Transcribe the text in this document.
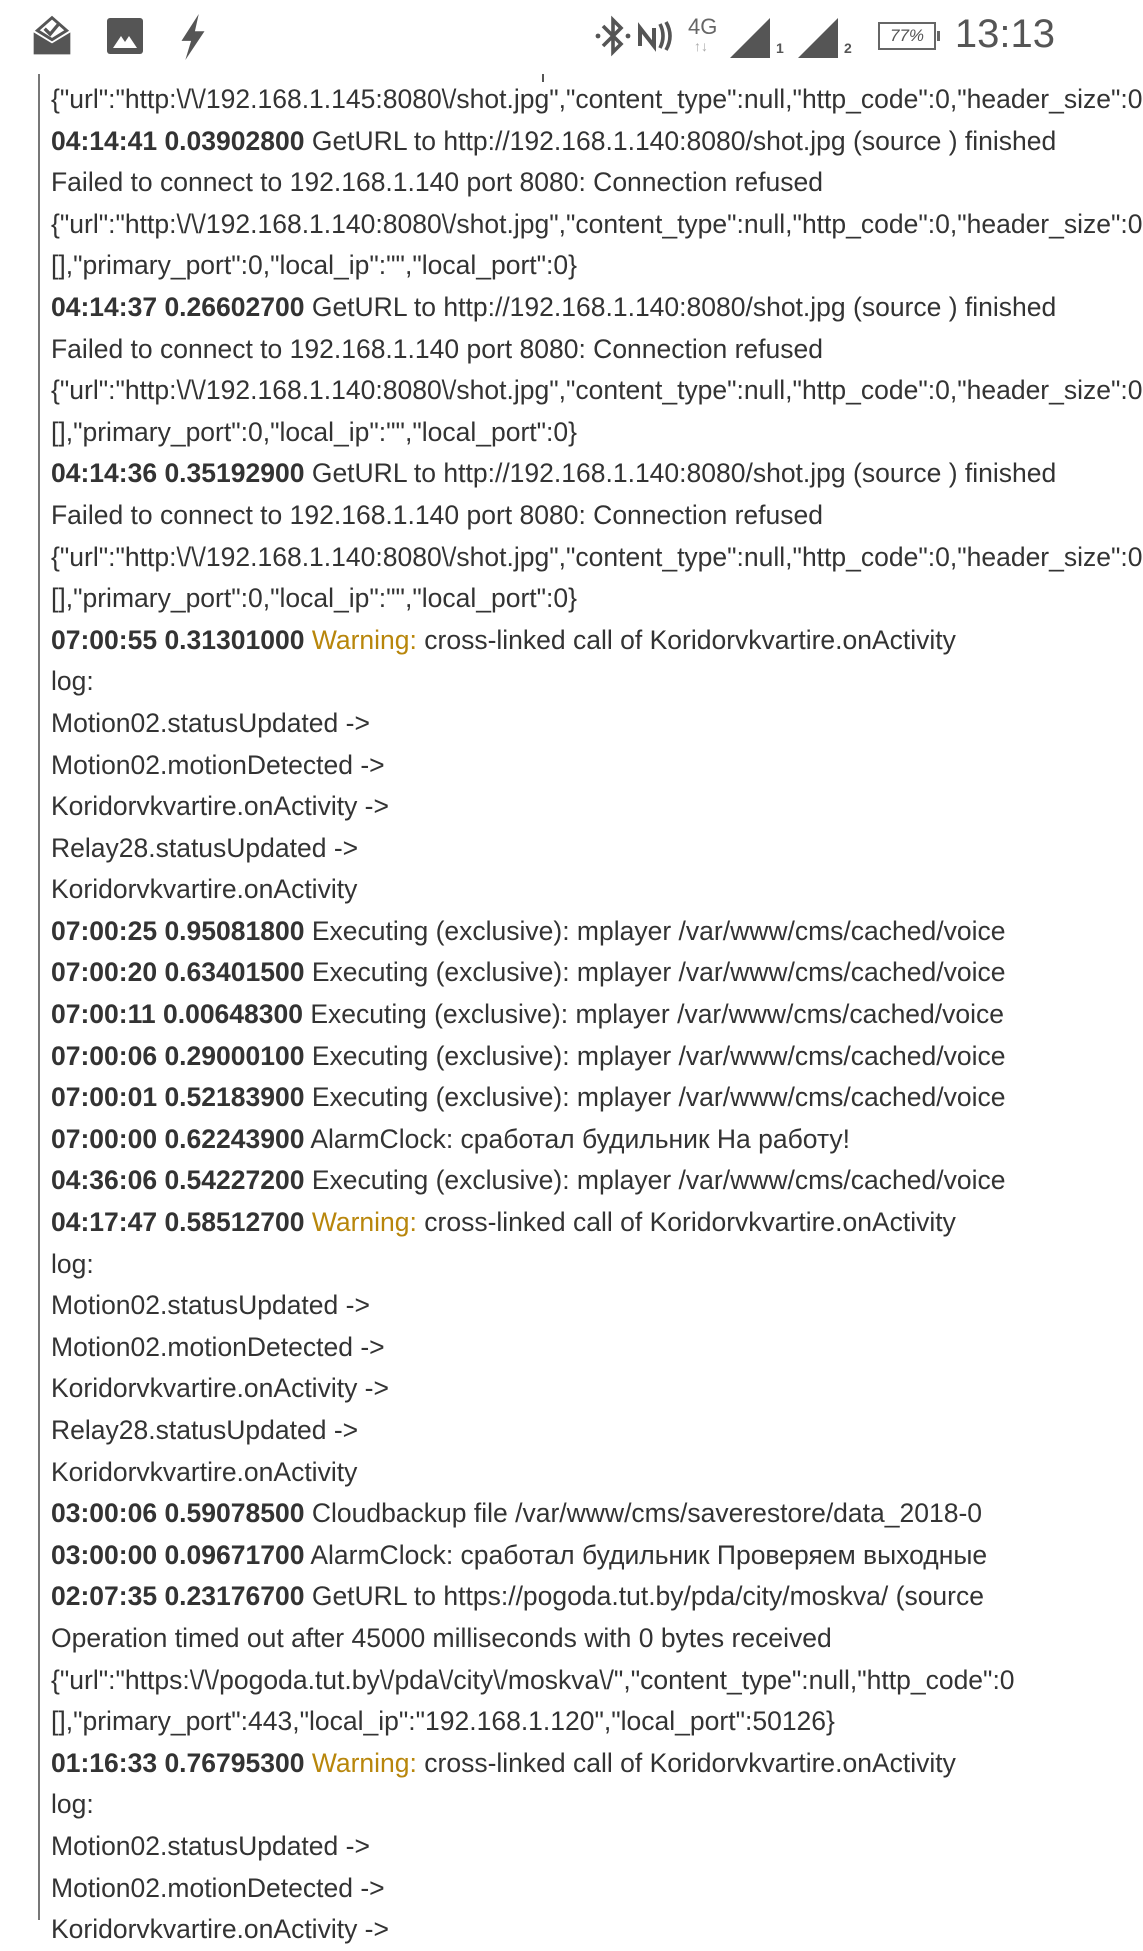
4G
↑↓	1	2
77% 13:13
{"url":"http:\/\/192.168.1.145:8080\/shot.jpg","content_type":null,"http_code":0,"header_size":0
04:14:41 0.03902800 GetURL to http://192.168.1.140:8080/shot.jpg (source ) finished
Failed to connect to 192.168.1.140 port 8080: Connection refused
{"url":"http:\/\/192.168.1.140:8080\/shot.jpg","content_type":null,"http_code":0,"header_size":0
[],"primary_port":0,"local_ip":"","local_port":0}
04:14:37 0.26602700 GetURL to http://192.168.1.140:8080/shot.jpg (source ) finished
Failed to connect to 192.168.1.140 port 8080: Connection refused
{"url":"http:\/\/192.168.1.140:8080\/shot.jpg","content_type":null,"http_code":0,"header_size":0
[],"primary_port":0,"local_ip":"","local_port":0}
04:14:36 0.35192900 GetURL to http://192.168.1.140:8080/shot.jpg (source ) finished
Failed to connect to 192.168.1.140 port 8080: Connection refused
{"url":"http:\/\/192.168.1.140:8080\/shot.jpg","content_type":null,"http_code":0,"header_size":0
[],"primary_port":0,"local_ip":"","local_port":0}
07:00:55 0.31301000 Warning: cross-linked call of Koridorvkvartire.onActivity
log:
Motion02.statusUpdated ->
Motion02.motionDetected ->
Koridorvkvartire.onActivity ->
Relay28.statusUpdated ->
Koridorvkvartire.onActivity
07:00:25 0.95081800 Executing (exclusive): mplayer /var/www/cms/cached/voice
07:00:20 0.63401500 Executing (exclusive): mplayer /var/www/cms/cached/voice
07:00:11 0.00648300 Executing (exclusive): mplayer /var/www/cms/cached/voice
07:00:06 0.29000100 Executing (exclusive): mplayer /var/www/cms/cached/voice
07:00:01 0.52183900 Executing (exclusive): mplayer /var/www/cms/cached/voice
07:00:00 0.62243900 AlarmClock: сработал будильник На работу!
04:36:06 0.54227200 Executing (exclusive): mplayer /var/www/cms/cached/voice
04:17:47 0.58512700 Warning: cross-linked call of Koridorvkvartire.onActivity
log:
Motion02.statusUpdated ->
Motion02.motionDetected ->
Koridorvkvartire.onActivity ->
Relay28.statusUpdated ->
Koridorvkvartire.onActivity
03:00:06 0.59078500 Cloudbackup file /var/www/cms/saverestore/data_2018-0
03:00:00 0.09671700 AlarmClock: сработал будильник Проверяем выходные
02:07:35 0.23176700 GetURL to https://pogoda.tut.by/pda/city/moskva/ (source
Operation timed out after 45000 milliseconds with 0 bytes received
{"url":"https:\/\/pogoda.tut.by\/pda\/city\/moskva\/","content_type":null,"http_code":0
[],"primary_port":443,"local_ip":"192.168.1.120","local_port":50126}
01:16:33 0.76795300 Warning: cross-linked call of Koridorvkvartire.onActivity
log:
Motion02.statusUpdated ->
Motion02.motionDetected ->
Koridorvkvartire.onActivity ->
